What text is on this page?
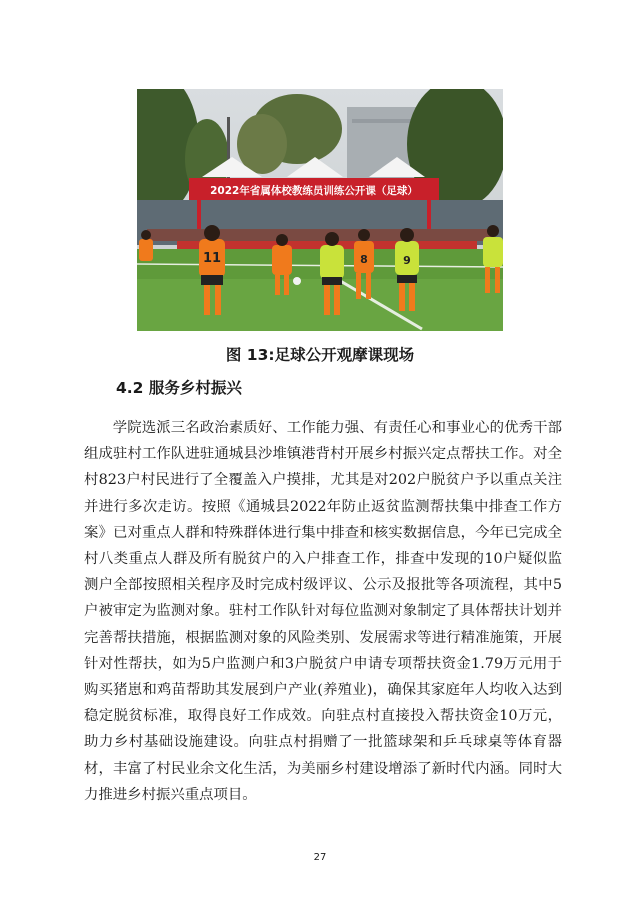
2022年省属体校教练员训练公开课（足球）
11	8	9
图 13:足球公开观摩课现场
4.2 服务乡村振兴

学院选派三名政治素质好、工作能力强、有责任心和事业心的优秀干部组成驻村工作队进驻通城县沙堆镇港背村开展乡村振兴定点帮扶工作。对全村823户村民进行了全覆盖入户摸排，尤其是对202户脱贫户予以重点关注并进行多次走访。按照《通城县2022年防止返贫监测帮扶集中排查工作方案》已对重点人群和特殊群体进行集中排查和核实数据信息，今年已完成全村八类重点人群及所有脱贫户的入户排查工作，排查中发现的10户疑似监测户全部按照相关程序及时完成村级评议、公示及报批等各项流程，其中5户被审定为监测对象。驻村工作队针对每位监测对象制定了具体帮扶计划并完善帮扶措施，根据监测对象的风险类别、发展需求等进行精准施策，开展针对性帮扶，如为5户监测户和3户脱贫户申请专项帮扶资金1.79万元用于购买猪崽和鸡苗帮助其发展到户产业(养殖业)，确保其家庭年人均收入达到稳定脱贫标准，取得良好工作成效。向驻点村直接投入帮扶资金10万元，助力乡村基础设施建设。向驻点村捐赠了一批篮球架和乒乓球桌等体育器材，丰富了村民业余文化生活，为美丽乡村建设增添了新时代内涵。同时大力推进乡村振兴重点项目。

27
